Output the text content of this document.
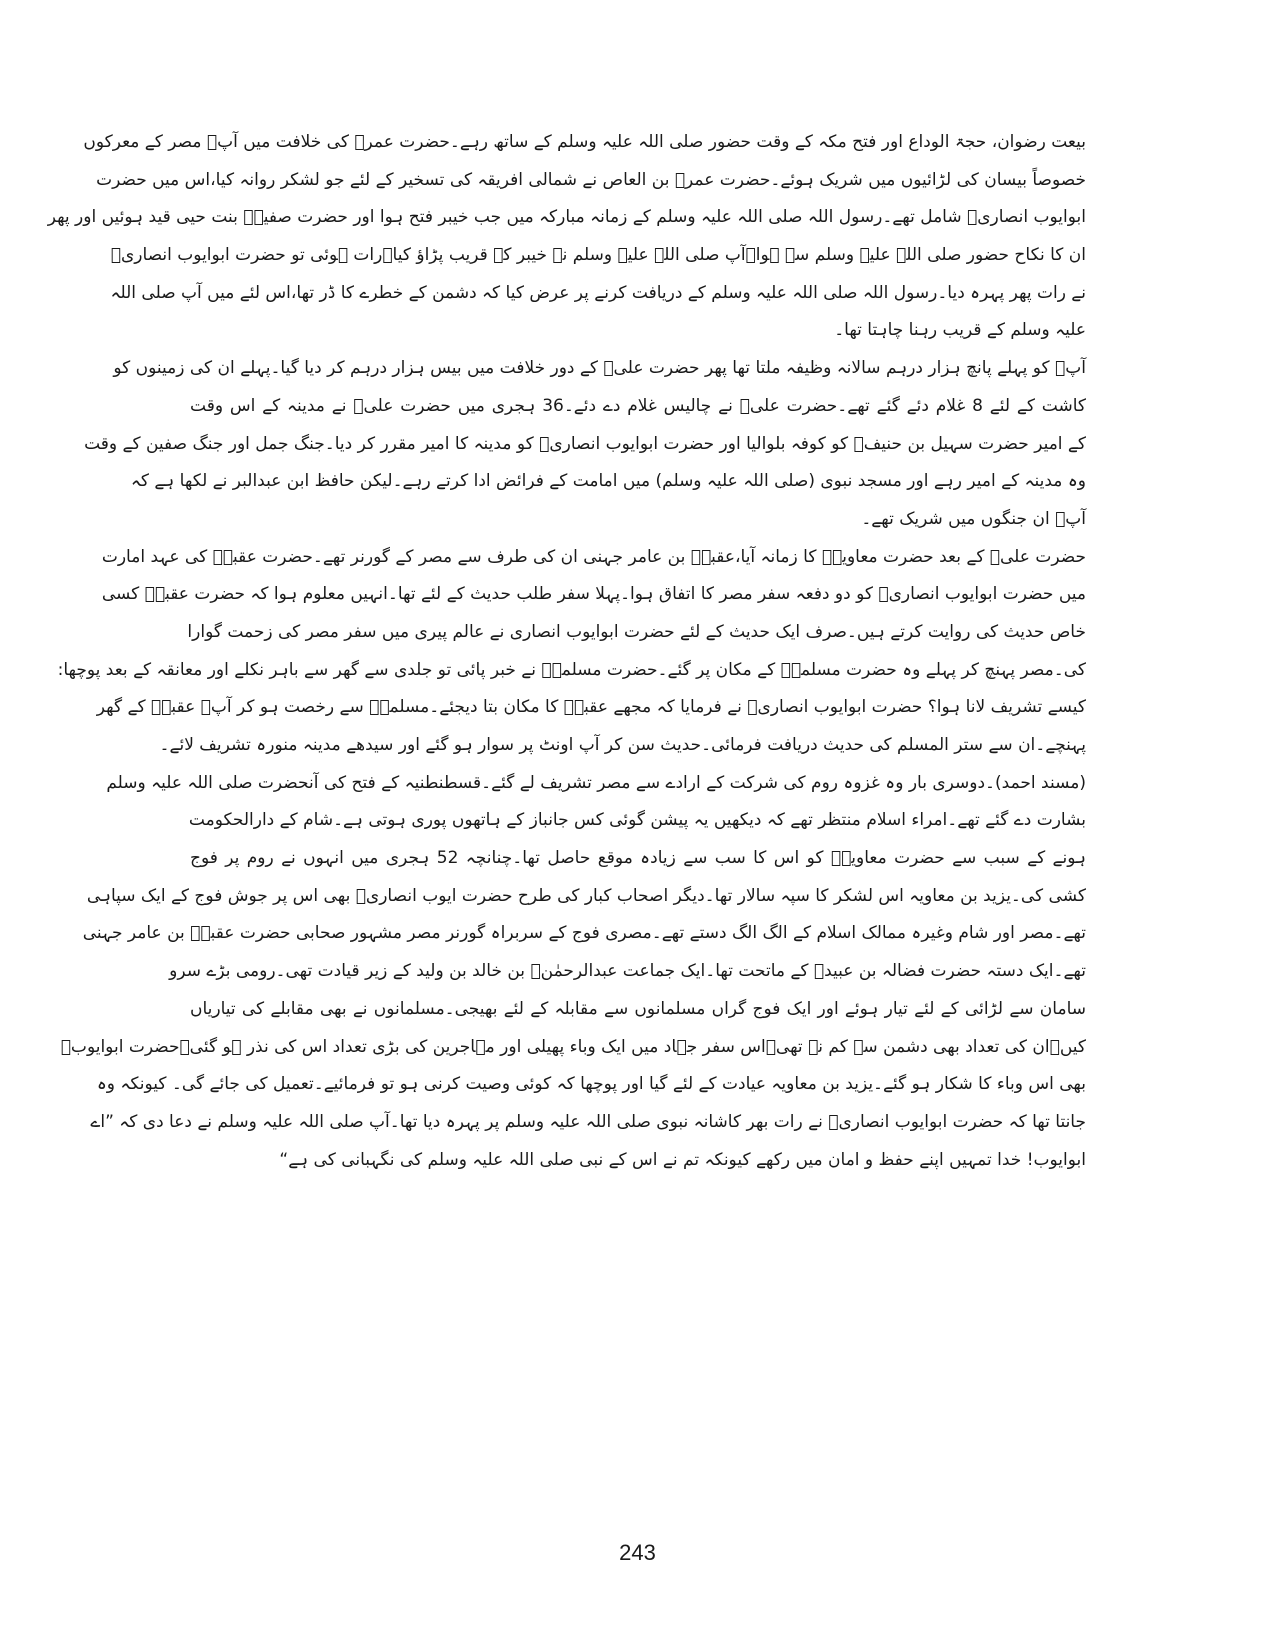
بیعت رضوان، حجۃ الوداع اور فتح مکہ کے وقت حضور صلی اللہ علیہ وسلم کے ساتھ رہے۔حضرت عمرؓ کی خلافت میں آپؓ مصر کے معرکوں
خصوصاً بیسان کی لڑائیوں میں شریک ہوئے۔حضرت عمرؓ بن العاص نے شمالی افریقہ کی تسخیر کے لئے جو لشکر روانہ کیا،اس میں حضرت
ابوایوب انصاریؓ شامل تھے۔رسول اللہ صلی اللہ علیہ وسلم کے زمانہ مبارکہ میں جب خیبر فتح ہوا اور حضرت صفیہؓ بنت حیی قید ہوئیں اور پھر
ان کا نکاح حضور صلی اللہ علیہ وسلم سے ہوا۔آپ صلی اللہ علیہ وسلم نے خیبر کے قریب پڑاؤ کیا۔رات ہوئی تو حضرت ابوایوب انصاریؓ
نے رات پھر پہرہ دیا۔رسول اللہ صلی اللہ علیہ وسلم کے دریافت کرنے پر عرض کیا کہ دشمن کے خطرے کا ڈر تھا،اس لئے میں آپ صلی اللہ
علیہ وسلم کے قریب رہنا چاہتا تھا۔
آپؓ کو پہلے پانچ ہزار درہم سالانہ وظیفہ ملتا تھا پھر حضرت علیؓ کے دور خلافت میں بیس ہزار درہم کر دیا گیا۔پہلے ان کی زمینوں کو
کاشت کے لئے 8 غلام دئے گئے تھے۔حضرت علیؓ نے چالیس غلام دے دئے۔36 ہجری میں حضرت علیؓ نے مدینہ کے اس وقت
کے امیر حضرت سہیل بن حنیفؓ کو کوفہ بلوالیا اور حضرت ابوایوب انصاریؓ کو مدینہ کا امیر مقرر کر دیا۔جنگ جمل اور جنگ صفین کے وقت
وہ مدینہ کے امیر رہے اور مسجد نبوی (صلی اللہ علیہ وسلم) میں امامت کے فرائض ادا کرتے رہے۔لیکن حافظ ابن عبدالبر نے لکھا ہے کہ
آپؓ ان جنگوں میں شریک تھے۔
حضرت علیؓ کے بعد حضرت معاویہؓ کا زمانہ آیا،عقبہؓ بن عامر جہنی ان کی طرف سے مصر کے گورنر تھے۔حضرت عقبہؓ کی عہد امارت
میں حضرت ابوایوب انصاریؓ کو دو دفعہ سفر مصر کا اتفاق ہوا۔پہلا سفر طلب حدیث کے لئے تھا۔انہیں معلوم ہوا کہ حضرت عقبہؓ کسی
خاص حدیث کی روایت کرتے ہیں۔صرف ایک حدیث کے لئے حضرت ابوایوب انصاری نے عالم پیری میں سفر مصر کی زحمت گوارا
کی۔مصر پہنچ کر پہلے وہ حضرت مسلمہؓ کے مکان پر گئے۔حضرت مسلمہؓ نے خبر پائی تو جلدی سے گھر سے باہر نکلے اور معانقہ کے بعد پوچھا:
کیسے تشریف لانا ہوا؟ حضرت ابوایوب انصاریؓ نے فرمایا کہ مجھے عقبہؓ کا مکان بتا دیجئے۔مسلمہؓ سے رخصت ہو کر آپؓ عقبہؓ کے گھر
پہنچے۔ان سے ستر المسلم کی حدیث دریافت فرمائی۔حدیث سن کر آپ اونٹ پر سوار ہو گئے اور سیدھے مدینہ منورہ تشریف لائے۔
(مسند احمد)۔دوسری بار وہ غزوہ روم کی شرکت کے ارادے سے مصر تشریف لے گئے۔قسطنطنیہ کے فتح کی آنحضرت صلی اللہ علیہ وسلم
بشارت دے گئے تھے۔امراء اسلام منتظر تھے کہ دیکھیں یہ پیشن گوئی کس جانباز کے ہاتھوں پوری ہوتی ہے۔شام کے دارالحکومت
ہونے کے سبب سے حضرت معاویہؓ کو اس کا سب سے زیادہ موقع حاصل تھا۔چنانچہ 52 ہجری میں انہوں نے روم پر فوج
کشی کی۔یزید بن معاویہ اس لشکر کا سپہ سالار تھا۔دیگر اصحاب کبار کی طرح حضرت ایوب انصاریؓ بھی اس پر جوش فوج کے ایک سپاہی
تھے۔مصر اور شام وغیرہ ممالک اسلام کے الگ الگ دستے تھے۔مصری فوج کے سربراہ گورنر مصر مشہور صحابی حضرت عقبہؓ بن عامر جہنی
تھے۔ایک دستہ حضرت فضالہ بن عبیدؓ کے ماتحت تھا۔ایک جماعت عبدالرحمٰنؓ بن خالد بن ولید کے زیر قیادت تھی۔رومی بڑے سرو
سامان سے لڑائی کے لئے تیار ہوئے اور ایک فوج گراں مسلمانوں سے مقابلہ کے لئے بھیجی۔مسلمانوں نے بھی مقابلے کی تیاریاں
کیں۔ان کی تعداد بھی دشمن سے کم نہ تھی۔اس سفر جہاد میں ایک وباء پھیلی اور مہاجرین کی بڑی تعداد اس کی نذر ہو گئی۔حضرت ابوایوبؓ
بھی اس وباء کا شکار ہو گئے۔یزید بن معاویہ عیادت کے لئے گیا اور پوچھا کہ کوئی وصیت کرنی ہو تو فرمائیے۔تعمیل کی جائے گی۔ کیونکہ وہ
جانتا تھا کہ حضرت ابوایوب انصاریؓ نے رات بھر کاشانہ نبوی صلی اللہ علیہ وسلم پر پہرہ دیا تھا۔آپ صلی اللہ علیہ وسلم نے دعا دی کہ ”اے
ابوایوب! خدا تمہیں اپنے حفظ و امان میں رکھے کیونکہ تم نے اس کے نبی صلی اللہ علیہ وسلم کی نگہبانی کی ہے“
243
